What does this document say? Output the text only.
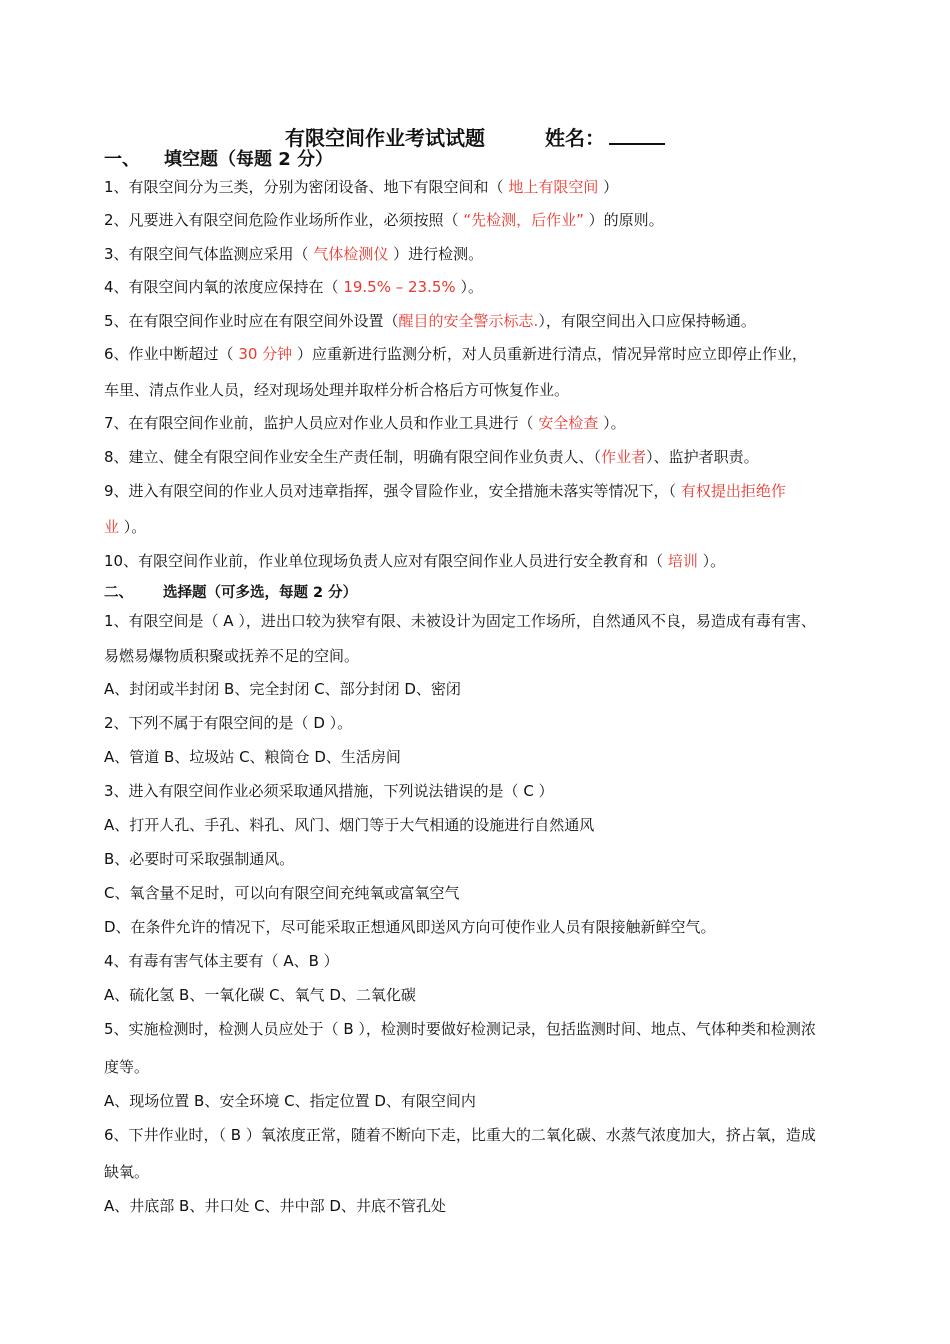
有限空间作业考试试题	姓名：
一、 填空题（每题 2 分）
1、有限空间分为三类，分别为密闭设备、地下有限空间和（ 地上有限空间 ）
2、凡要进入有限空间危险作业场所作业，必须按照（ “先检测，后作业” ）的原则。
3、有限空间气体监测应采用（ 气体检测仪 ）进行检测。
4、有限空间内氧的浓度应保持在（ 19.5% – 23.5% ）。
5、在有限空间作业时应在有限空间外设置（醒目的安全警示标志.），有限空间出入口应保持畅通。
6、作业中断超过（ 30 分钟 ）应重新进行监测分析，对人员重新进行清点，情况异常时应立即停止作业，
车里、清点作业人员，经对现场处理并取样分析合格后方可恢复作业。
7、在有限空间作业前，监护人员应对作业人员和作业工具进行（ 安全检查 ）。
8、建立、健全有限空间作业安全生产责任制，明确有限空间作业负责人、（作业者）、监护者职责。
9、进入有限空间的作业人员对违章指挥，强令冒险作业，安全措施未落实等情况下，（ 有权提出拒绝作
业 ）。
10、有限空间作业前，作业单位现场负责人应对有限空间作业人员进行安全教育和（ 培训 ）。
二、 选择题（可多选，每题 2 分）
1、有限空间是（ A ），进出口较为狭窄有限、未被设计为固定工作场所，自然通风不良，易造成有毒有害、
易燃易爆物质积聚或抚养不足的空间。
A、封闭或半封闭 B、完全封闭 C、部分封闭 D、密闭
2、下列不属于有限空间的是（ D ）。
A、管道 B、垃圾站 C、粮筒仓 D、生活房间
3、进入有限空间作业必须采取通风措施，下列说法错误的是（ C ）
A、打开人孔、手孔、料孔、风门、烟门等于大气相通的设施进行自然通风
B、必要时可采取强制通风。
C、氧含量不足时，可以向有限空间充纯氧或富氧空气
D、在条件允许的情况下，尽可能采取正想通风即送风方向可使作业人员有限接触新鲜空气。
4、有毒有害气体主要有（ A、B ）
A、硫化氢 B、一氧化碳 C、氧气 D、二氧化碳
5、实施检测时，检测人员应处于（ B ），检测时要做好检测记录，包括监测时间、地点、气体种类和检测浓
度等。
A、现场位置 B、安全环境 C、指定位置 D、有限空间内
6、下井作业时，（ B ）氧浓度正常，随着不断向下走，比重大的二氧化碳、水蒸气浓度加大，挤占氧，造成
缺氧。
A、井底部 B、井口处 C、井中部 D、井底不管孔处
